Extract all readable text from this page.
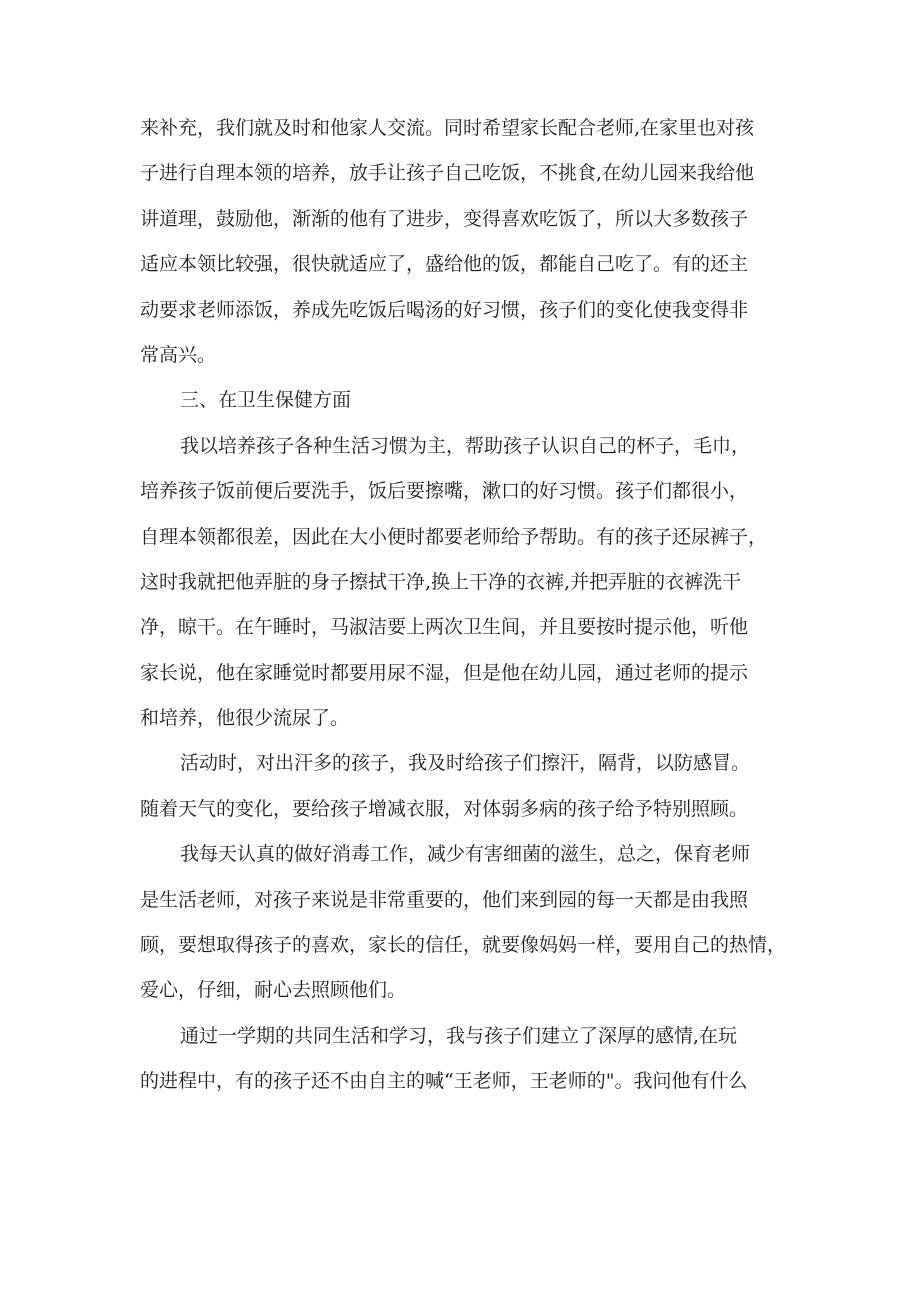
来补充，我们就及时和他家人交流。同时希望家长配合老师,在家里也对孩
子进行自理本领的培养，放手让孩子自己吃饭，不挑食,在幼儿园来我给他
讲道理，鼓励他，渐渐的他有了进步，变得喜欢吃饭了，所以大多数孩子
适应本领比较强，很快就适应了，盛给他的饭，都能自己吃了。有的还主
动要求老师添饭，养成先吃饭后喝汤的好习惯，孩子们的变化使我变得非
常高兴。
三、在卫生保健方面
我以培养孩子各种生活习惯为主，帮助孩子认识自己的杯子，毛巾，
培养孩子饭前便后要洗手，饭后要擦嘴，漱口的好习惯。孩子们都很小，
自理本领都很差，因此在大小便时都要老师给予帮助。有的孩子还尿裤子，
这时我就把他弄脏的身子擦拭干净,换上干净的衣裤,并把弄脏的衣裤洗干
净，晾干。在午睡时，马淑洁要上两次卫生间，并且要按时提示他，听他
家长说，他在家睡觉时都要用尿不湿，但是他在幼儿园，通过老师的提示
和培养，他很少流尿了。
活动时，对出汗多的孩子，我及时给孩子们擦汗，隔背，以防感冒。
随着天气的变化，要给孩子增减衣服，对体弱多病的孩子给予特别照顾。
我每天认真的做好消毒工作，减少有害细菌的滋生，总之，保育老师
是生活老师，对孩子来说是非常重要的，他们来到园的每一天都是由我照
顾，要想取得孩子的喜欢，家长的信任，就要像妈妈一样，要用自己的热情，
爱心，仔细，耐心去照顾他们。
通过一学期的共同生活和学习，我与孩子们建立了深厚的感情,在玩
的进程中，有的孩子还不由自主的喊“王老师，王老师的"。我问他有什么
